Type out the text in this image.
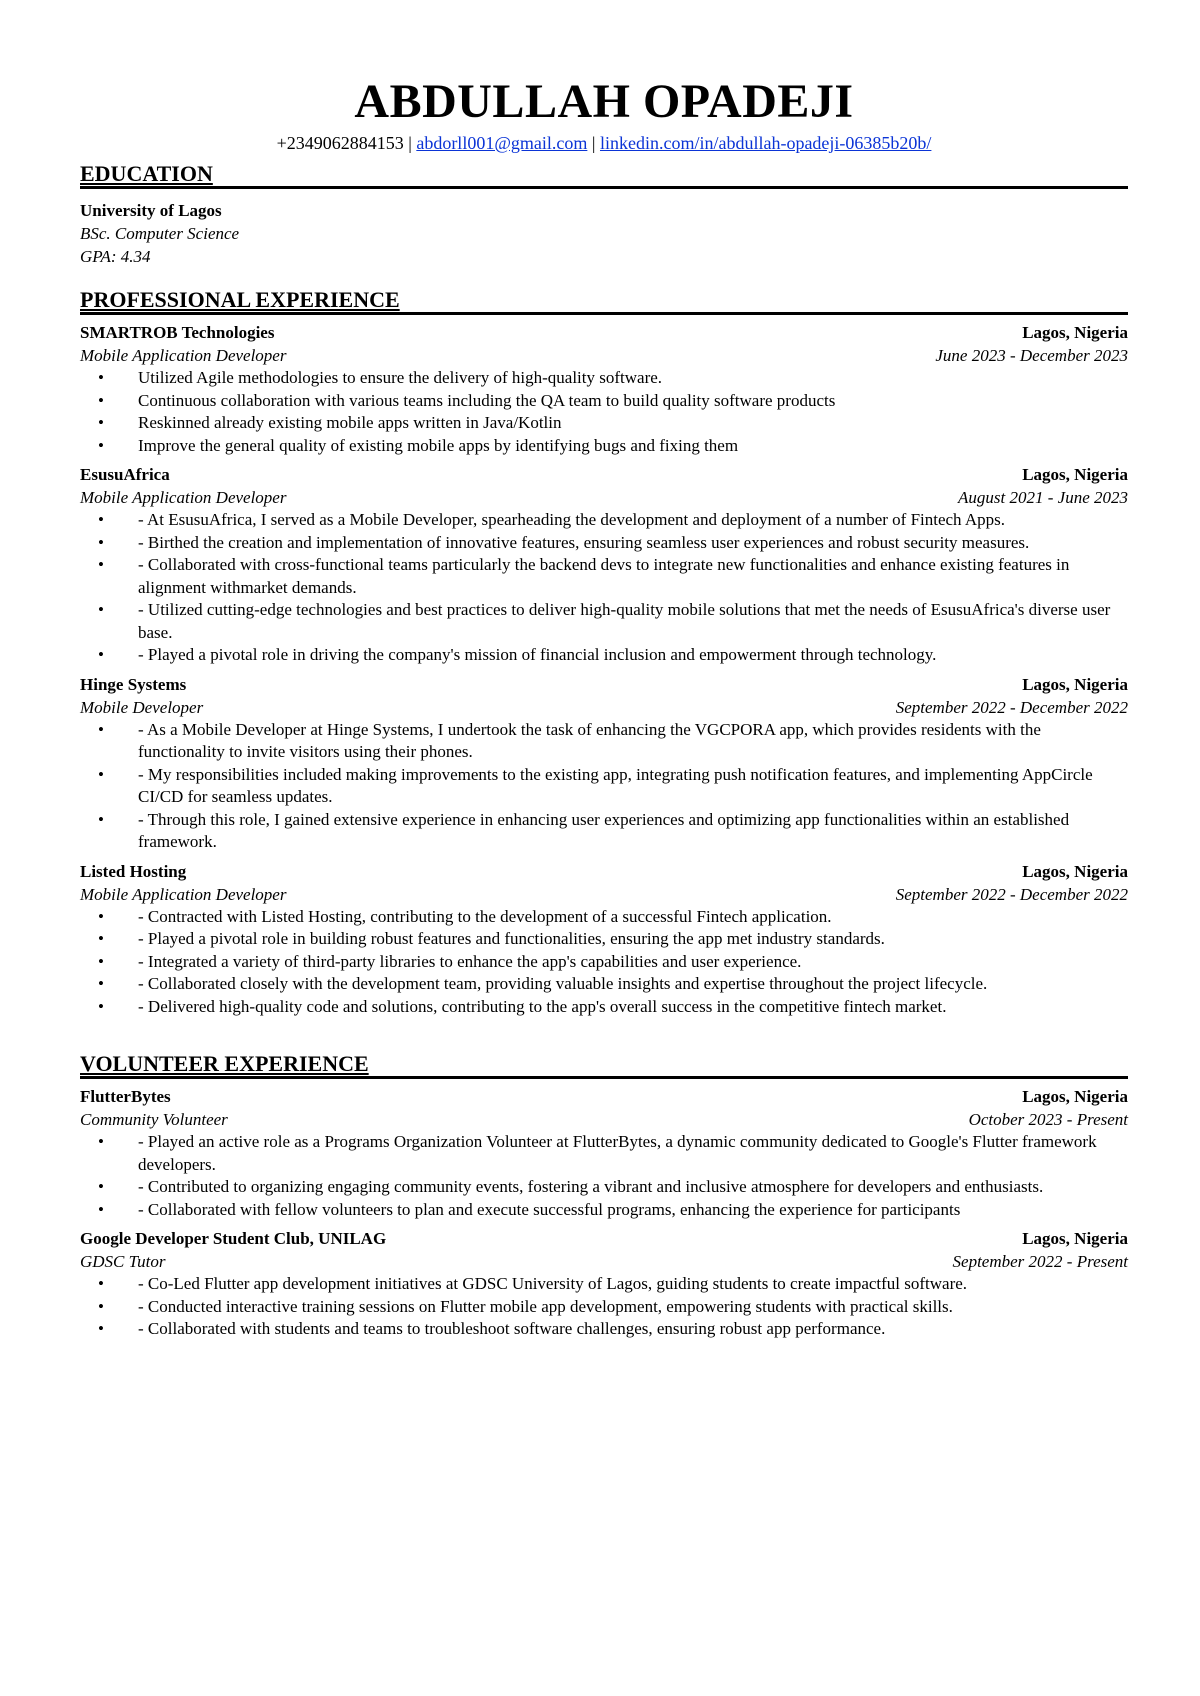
ABDULLAH OPADEJI
+2349062884153 | abdorll001@gmail.com | linkedin.com/in/abdullah-opadeji-06385b20b/
EDUCATION
University of Lagos
BSc. Computer Science
GPA: 4.34
PROFESSIONAL EXPERIENCE
SMARTROB Technologies	Lagos, Nigeria
Mobile Application Developer	June 2023 - December 2023
• Utilized Agile methodologies to ensure the delivery of high-quality software.
• Continuous collaboration with various teams including the QA team to build quality software products
• Reskinned already existing mobile apps written in Java/Kotlin
• Improve the general quality of existing mobile apps by identifying bugs and fixing them
EsusuAfrica	Lagos, Nigeria
Mobile Application Developer	August 2021 - June 2023
• - At EsusuAfrica, I served as a Mobile Developer, spearheading the development and deployment of a number of Fintech Apps.
• - Birthed the creation and implementation of innovative features, ensuring seamless user experiences and robust security measures.
• - Collaborated with cross-functional teams particularly the backend devs to integrate new functionalities and enhance existing features in alignment withmarket demands.
• - Utilized cutting-edge technologies and best practices to deliver high-quality mobile solutions that met the needs of EsusuAfrica's diverse user base.
• - Played a pivotal role in driving the company's mission of financial inclusion and empowerment through technology.
Hinge Systems	Lagos, Nigeria
Mobile Developer	September 2022 - December 2022
• - As a Mobile Developer at Hinge Systems, I undertook the task of enhancing the VGCPORA app, which provides residents with the functionality to invite visitors using their phones.
• - My responsibilities included making improvements to the existing app, integrating push notification features, and implementing AppCircle CI/CD for seamless updates.
• - Through this role, I gained extensive experience in enhancing user experiences and optimizing app functionalities within an established framework.
Listed Hosting	Lagos, Nigeria
Mobile Application Developer	September 2022 - December 2022
• - Contracted with Listed Hosting, contributing to the development of a successful Fintech application.
• - Played a pivotal role in building robust features and functionalities, ensuring the app met industry standards.
• - Integrated a variety of third-party libraries to enhance the app's capabilities and user experience.
• - Collaborated closely with the development team, providing valuable insights and expertise throughout the project lifecycle.
• - Delivered high-quality code and solutions, contributing to the app's overall success in the competitive fintech market.
VOLUNTEER EXPERIENCE
FlutterBytes	Lagos, Nigeria
Community Volunteer	October 2023 - Present
• - Played an active role as a Programs Organization Volunteer at FlutterBytes, a dynamic community dedicated to Google's Flutter framework developers.
• - Contributed to organizing engaging community events, fostering a vibrant and inclusive atmosphere for developers and enthusiasts.
• - Collaborated with fellow volunteers to plan and execute successful programs, enhancing the experience for participants
Google Developer Student Club, UNILAG	Lagos, Nigeria
GDSC Tutor	September 2022 - Present
• - Co-Led Flutter app development initiatives at GDSC University of Lagos, guiding students to create impactful software.
• - Conducted interactive training sessions on Flutter mobile app development, empowering students with practical skills.
• - Collaborated with students and teams to troubleshoot software challenges, ensuring robust app performance.
